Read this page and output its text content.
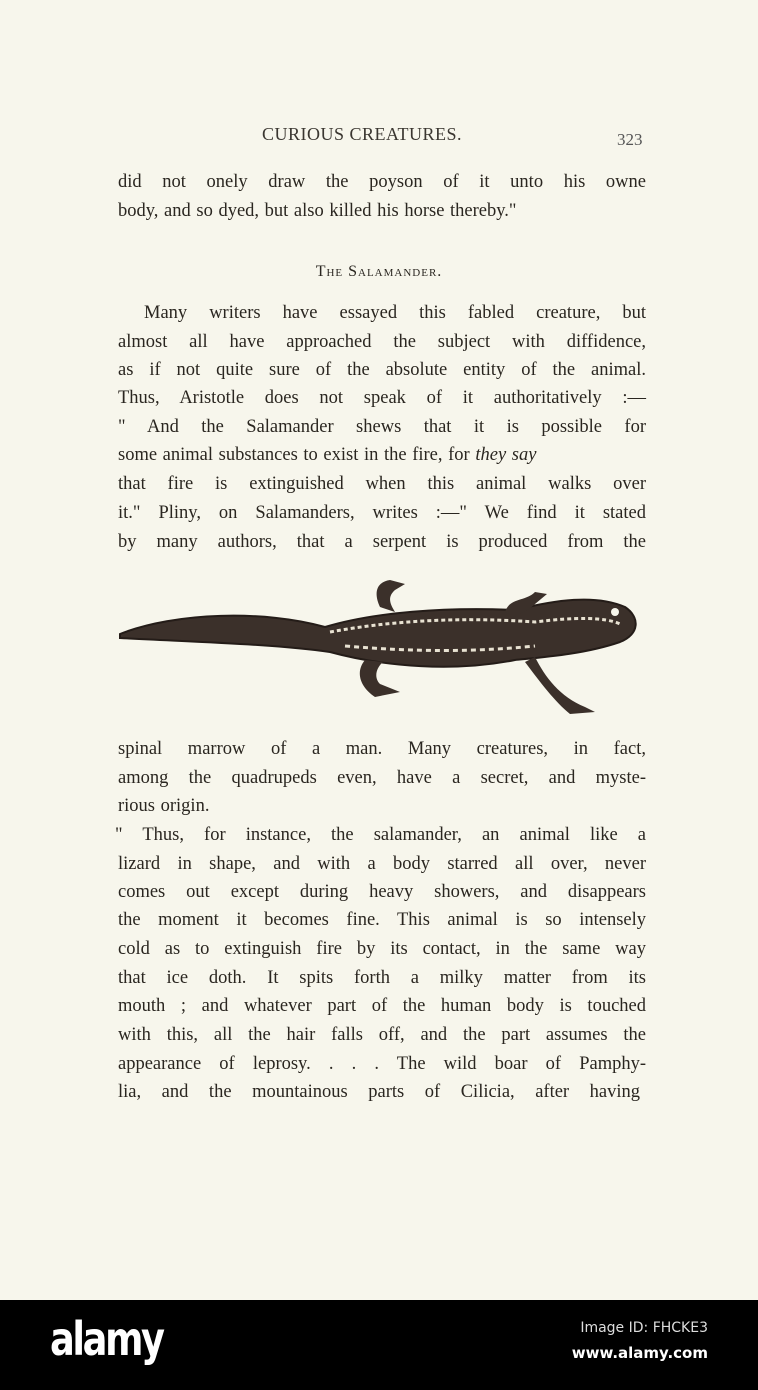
CURIOUS CREATURES.	323
did not onely draw the poyson of it unto his owne
body, and so dyed, but also killed his horse thereby."
The Salamander.
Many writers have essayed this fabled creature, but
almost all have approached the subject with diffidence,
as if not quite sure of the absolute entity of the animal.
Thus, Aristotle does not speak of it authoritatively :—
" And the Salamander shews that it is possible for
some animal substances to exist in the fire, for they say
that fire is extinguished when this animal walks over
it." Pliny, on Salamanders, writes :—" We find it stated
by many authors, that a serpent is produced from the
spinal marrow of a man. Many creatures, in fact,
among the quadrupeds even, have a secret, and myste-
rious origin.
" Thus, for instance, the salamander, an animal like a
lizard in shape, and with a body starred all over, never
comes out except during heavy showers, and disappears
the moment it becomes fine. This animal is so intensely
cold as to extinguish fire by its contact, in the same way
that ice doth. It spits forth a milky matter from its
mouth ; and whatever part of the human body is touched
with this, all the hair falls off, and the part assumes the
appearance of leprosy. . . . The wild boar of Pamphy-
lia, and the mountainous parts of Cilicia, after having
alamy	Image ID: FHCKE3
www.alamy.com
